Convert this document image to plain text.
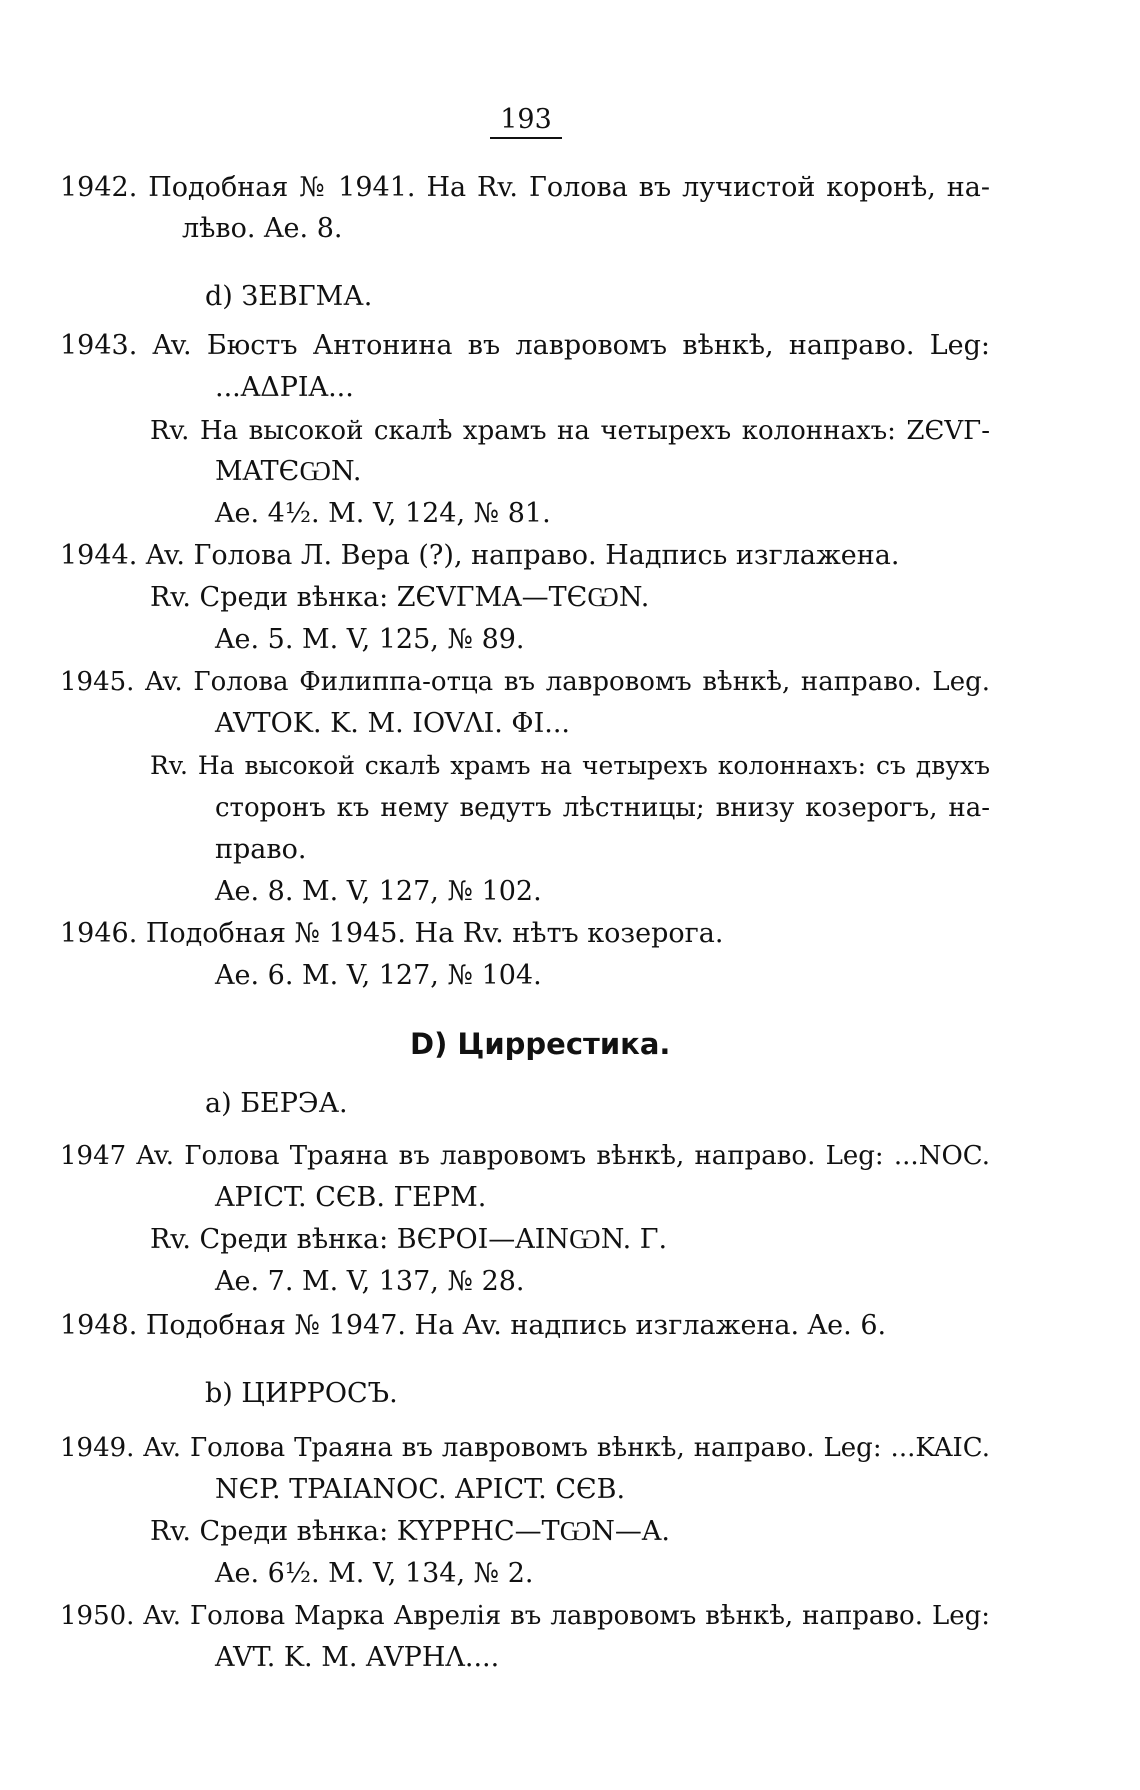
193
1942. Подобная № 1941. На Rv. Голова въ лучистой коронѣ, на-
лѣво. Ae. 8.
d) ЗЕВГМА.
1943. Av. Бюстъ Антонина въ лавровомъ вѣнкѣ, направо. Leg:
...AΔPIA...
Rv. На высокой скалѣ храмъ на четырехъ колоннахъ: ZЄVΓ-
MATЄѠN.
Ae. 4½. M. V, 124, № 81.
1944. Av. Голова Л. Вера (?), направо. Надпись изглажена.
Rv. Среди вѣнка: ZЄVΓMA—TЄѠN.
Ae. 5. M. V, 125, № 89.
1945. Av. Голова Филиппа-отца въ лавровомъ вѣнкѣ, направо. Leg.
AVTOK. K. M. IOVΛI. ΦI...
Rv. На высокой скалѣ храмъ на четырехъ колоннахъ: съ двухъ
сторонъ къ нему ведутъ лѣстницы; внизу козерогъ, на-
право.
Ae. 8. M. V, 127, № 102.
1946. Подобная № 1945. На Rv. нѣтъ козерога.
Ae. 6. M. V, 127, № 104.
D) Циррестика.
a) БЕРЭА.
1947 Av. Голова Траяна въ лавровомъ вѣнкѣ, направо. Leg: ...NOC.
APICT. CЄB. ΓEPM.
Rv. Среди вѣнка: BЄPOI—AINѠN. Γ.
Ae. 7. M. V, 137, № 28.
1948. Подобная № 1947. На Av. надпись изглажена. Ae. 6.
b) ЦИРРОСЪ.
1949. Av. Голова Траяна въ лавровомъ вѣнкѣ, направо. Leg: ...KAIC.
NЄP. TPAIANOC. APICT. CЄB.
Rv. Среди вѣнка: KYPPHC—TѠN—A.
Ae. 6½. M. V, 134, № 2.
1950. Av. Голова Марка Аврелія въ лавровомъ вѣнкѣ, направо. Leg:
AVT. K. M. AVPHΛ....
